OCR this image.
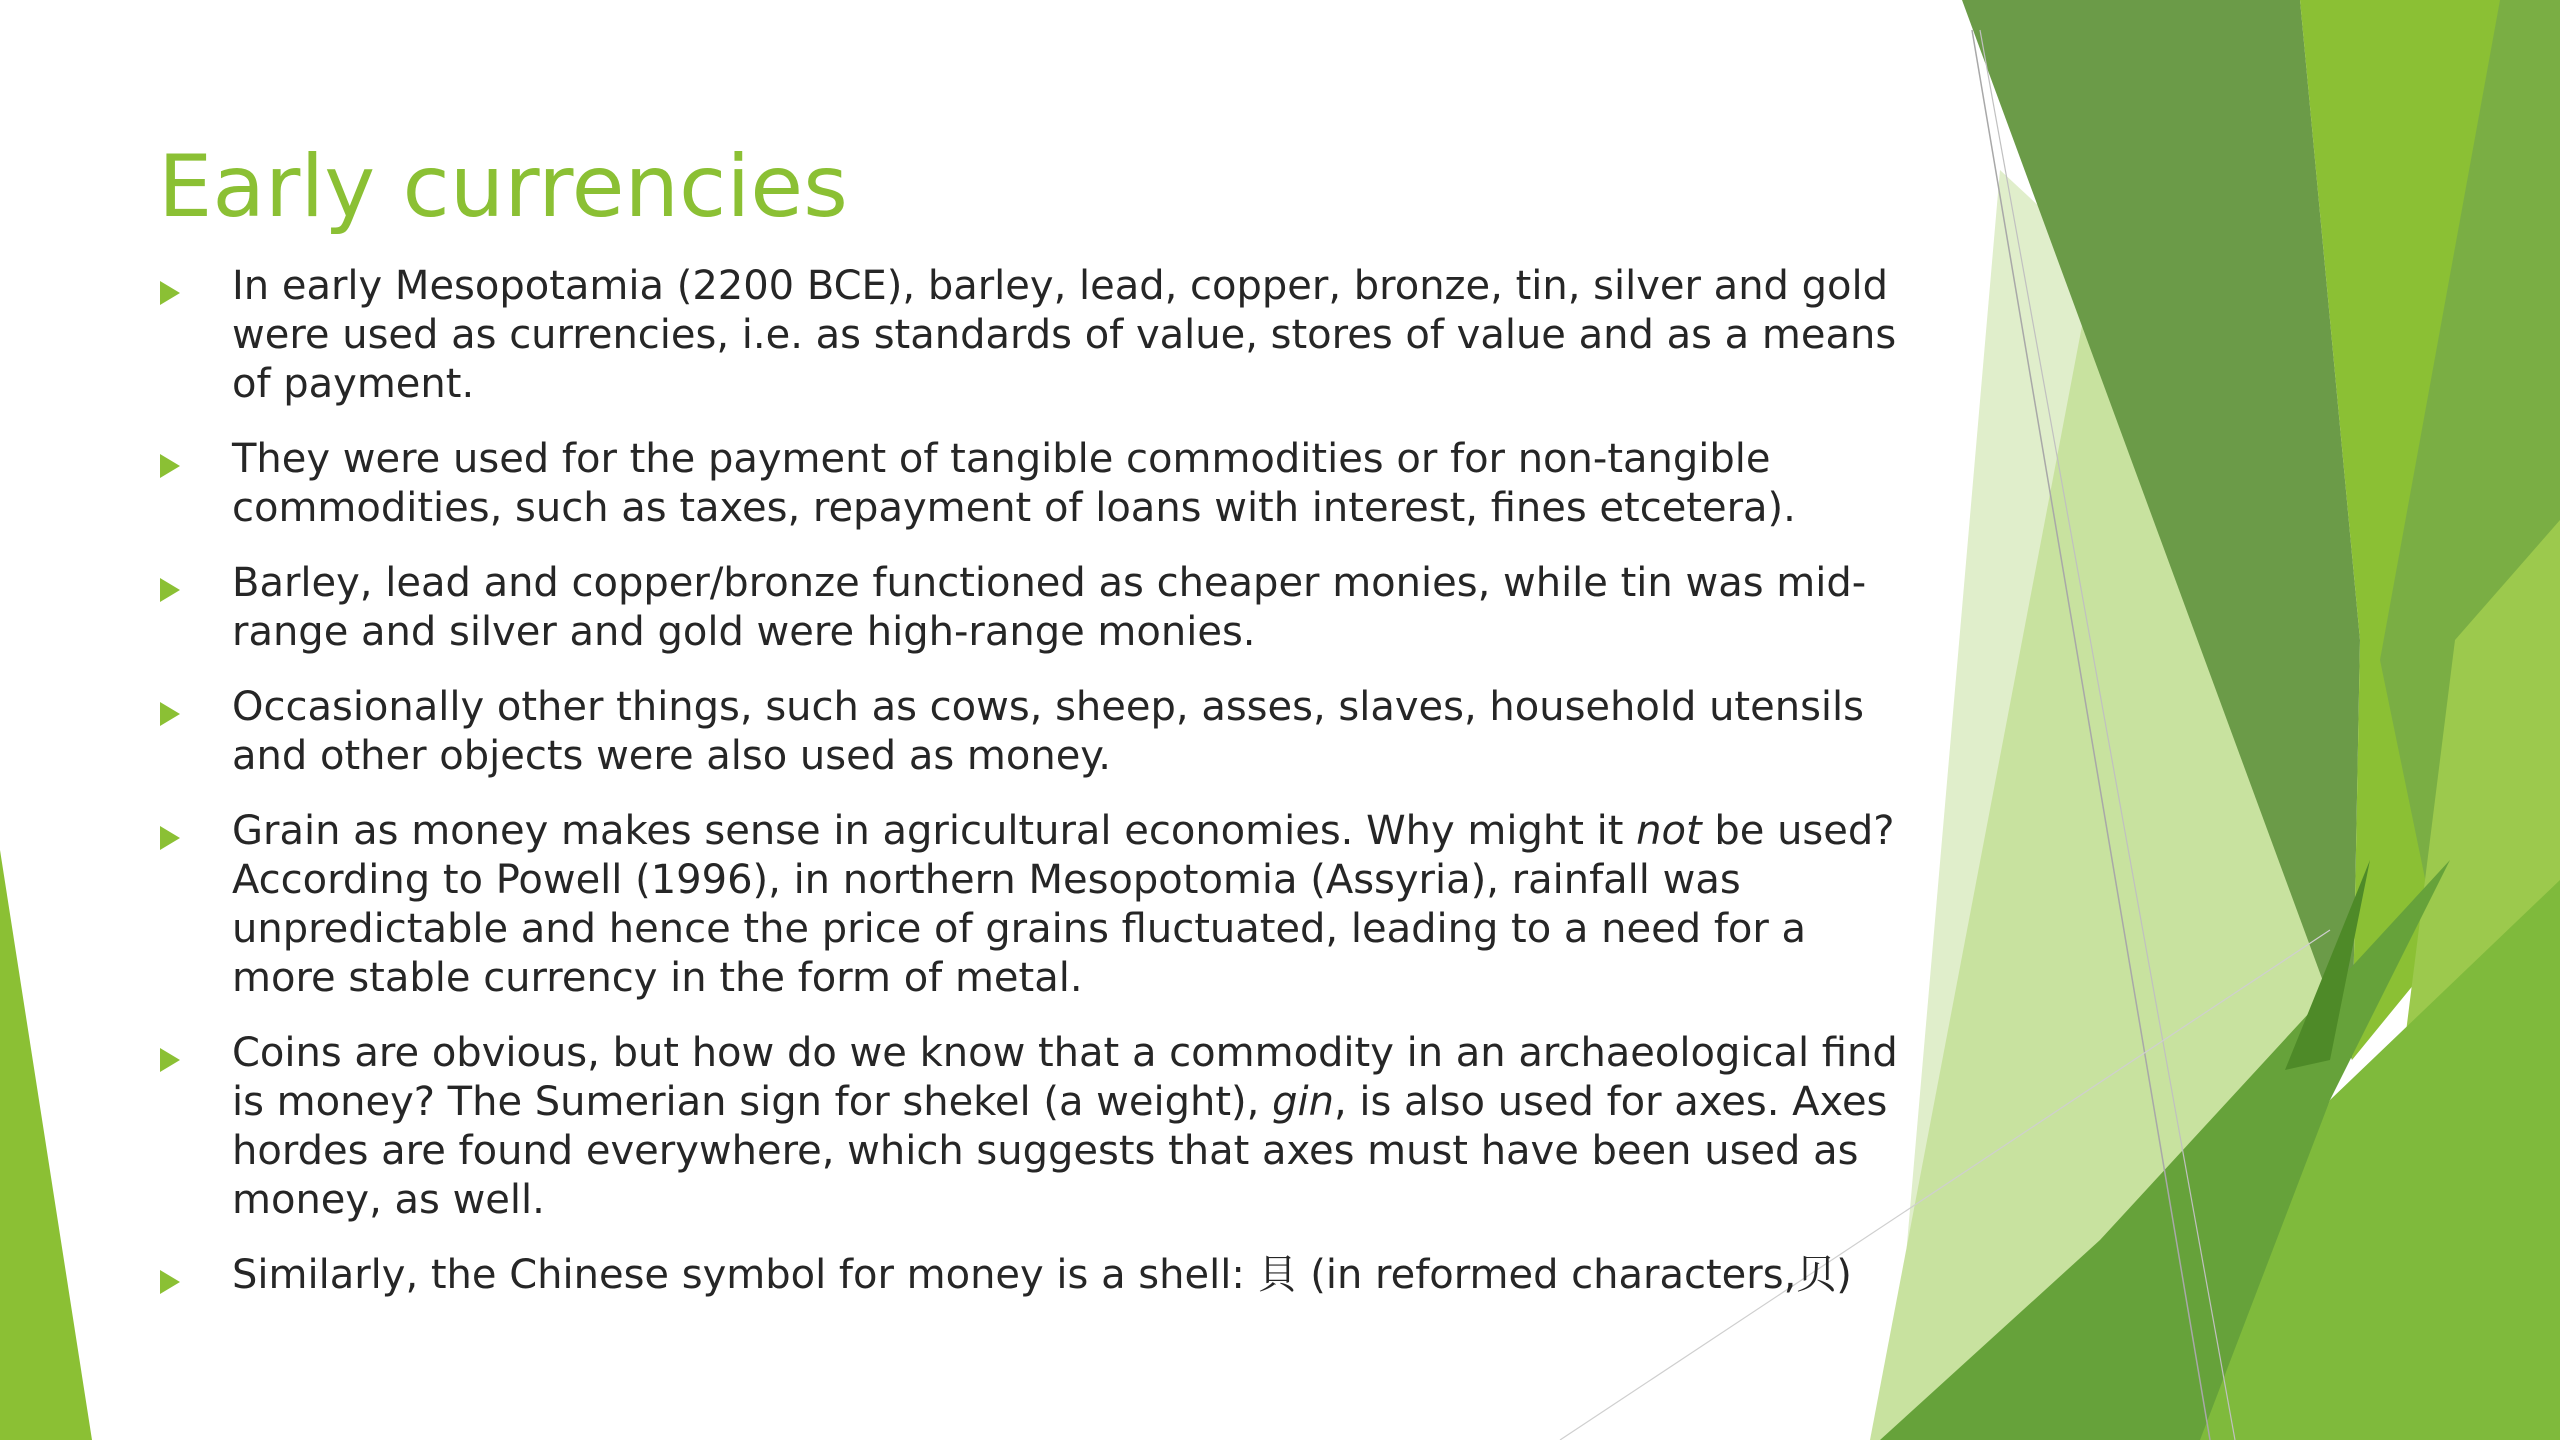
Early currencies
In early Mesopotamia (2200 BCE), barley, lead, copper, bronze, tin, silver and gold were used as currencies, i.e. as standards of value, stores of value and as a means of payment.
They were used for the payment of tangible commodities or for non-tangible commodities, such as taxes, repayment of loans with interest, fines etcetera).
Barley, lead and copper/bronze functioned as cheaper monies, while tin was mid-range and silver and gold were high-range monies.
Occasionally other things, such as cows, sheep, asses, slaves, household utensils and other objects were also used as money.
Grain as money makes sense in agricultural economies. Why might it not be used? According to Powell (1996), in northern Mesopotomia (Assyria), rainfall was unpredictable and hence the price of grains fluctuated, leading to a need for a more stable currency in the form of metal.
Coins are obvious, but how do we know that a commodity in an archaeological find is money? The Sumerian sign for shekel (a weight), gin, is also used for axes. Axes hordes are found everywhere, which suggests that axes must have been used as money, as well.
Similarly, the Chinese symbol for money is a shell: 貝 (in reformed characters,贝)
